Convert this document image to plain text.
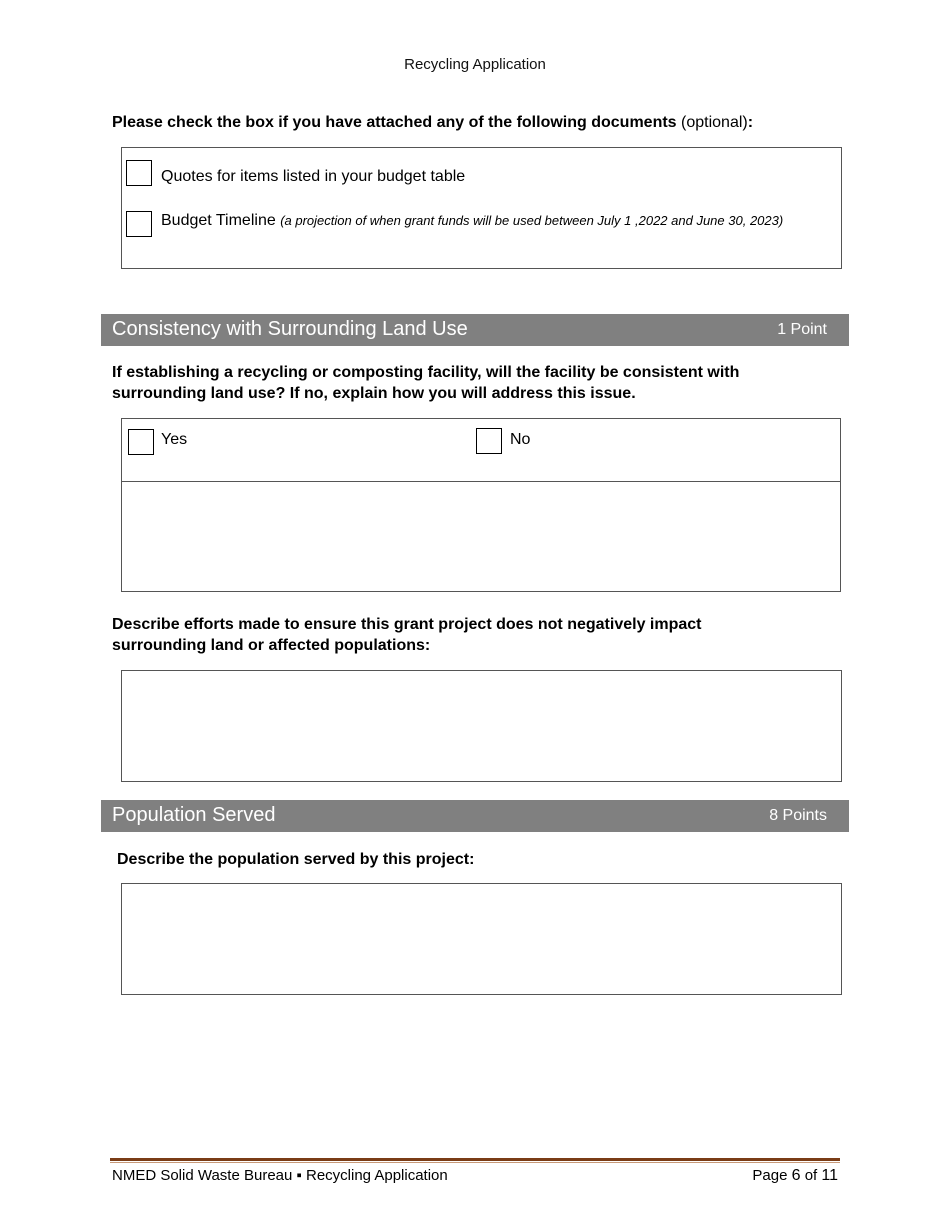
Recycling Application
Please check the box if you have attached any of the following documents (optional):
Quotes for items listed in your budget table
Budget Timeline (a projection of when grant funds will be used between July 1 ,2022 and June 30, 2023)
Consistency with Surrounding Land Use	1 Point
If establishing a recycling or composting facility, will the facility be consistent with
surrounding land use? If no, explain how you will address this issue.
Yes	No
Describe efforts made to ensure this grant project does not negatively impact
surrounding land or affected populations:
Population Served	8 Points
Describe the population served by this project:
NMED Solid Waste Bureau ▪ Recycling Application	Page 6 of 11
